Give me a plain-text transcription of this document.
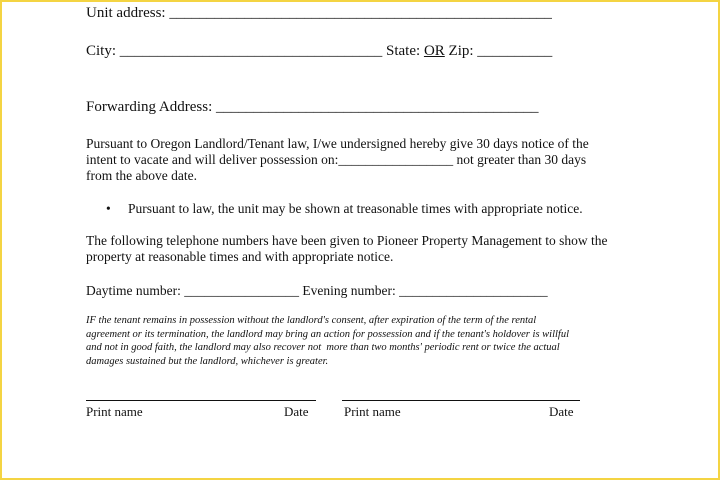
Unit address: ___________________________________________________
City: ___________________________________ State: OR Zip: __________
Forwarding Address: ___________________________________________
Pursuant to Oregon Landlord/Tenant law, I/we undersigned hereby give 30 days notice of the
intent to vacate and will deliver possession on:_________________ not greater than 30 days
from the above date.
• Pursuant to law, the unit may be shown at treasonable times with appropriate notice.
The following telephone numbers have been given to Pioneer Property Management to show the
property at reasonable times and with appropriate notice.
Daytime number: _________________ Evening number: ______________________
IF the tenant remains in possession without the landlord's consent, after expiration of the term of the rental
agreement or its termination, the landlord may bring an action for possession and if the tenant's holdover is willful
and not in good faith, the landlord may also recover not  more than two months' periodic rent or twice the actual
damages sustained but the landlord, whichever is greater.
Print name	Date	Print name	Date
